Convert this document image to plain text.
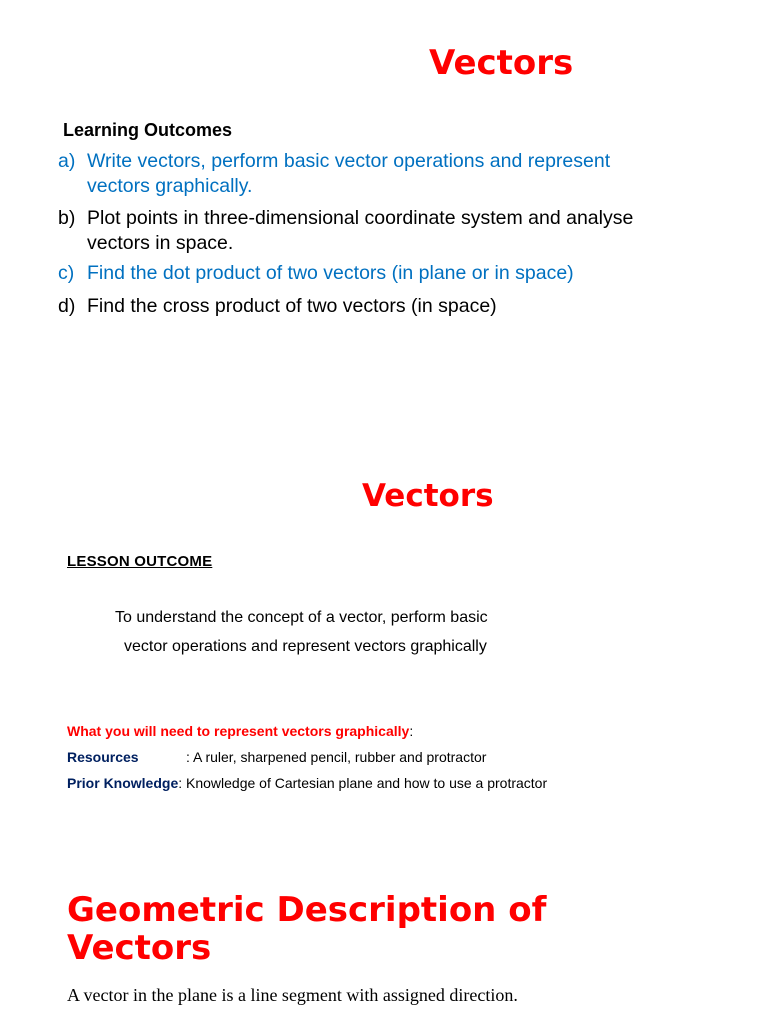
Vectors
Learning Outcomes
a) Write vectors, perform basic vector operations and represent
vectors graphically.
b) Plot points in three-dimensional coordinate system and analyse
vectors in space.
c) Find the dot product of two vectors (in plane or in space)
d) Find the cross product of two vectors (in space)
Vectors
LESSON OUTCOME
To understand the concept of a vector, perform basic
vector operations and represent vectors graphically
What you will need to represent vectors graphically:
Resources	: A ruler, sharpened pencil, rubber and protractor
Prior Knowledge: Knowledge of Cartesian plane and how to use a protractor
Geometric Description of Vectors

A vector in the plane is a line segment with assigned direction.
